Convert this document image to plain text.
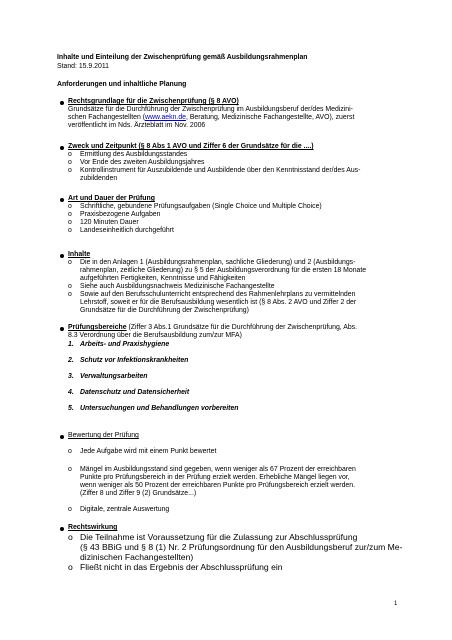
Inhalte und Einteilung der Zwischenprüfung gemäß Ausbildungsrahmenplan
Stand: 15.9.2011
Anforderungen und inhaltliche Planung
Rechtsgrundlage für die Zwischenprüfung (§ 8 AVO)
Grundsätze für die Durchführung der Zwischenprüfung im Ausbildungsberuf der/des Medizini-
schen Fachangestellten (www.aekn.de, Beratung, Medizinische Fachangestellte, AVO), zuerst
veröffentlicht im Nds. Ärzteblatt im Nov. 2006
Zweck und Zeitpunkt (§ 8 Abs 1 AVO und Ziffer 6 der Grundsätze für die ....)
o Ermittlung des Ausbildungsstandes
o Vor Ende des zweiten Ausbildungsjahres
o Kontrollinstrument für Auszubildende und Ausbildende über den Kenntnisstand der/des Aus-
zubildenden
Art und Dauer der Prüfung
o Schriftliche, gebundene Prüfungsaufgaben (Single Choice und Multiple Choice)
o Praxisbezogene Aufgaben
o 120 Minuten Dauer
o Landeseinheitlich durchgeführt
Inhalte
o Die in den Anlagen 1 (Ausbildungsrahmenplan, sachliche Gliederung) und 2 (Ausbildungs-
rahmenplan, zeitliche Gliederung) zu § 5 der Ausbildungsverordnung für die ersten 18 Monate
aufgeführten Fertigkeiten, Kenntnisse und Fähigkeiten
o Siehe auch Ausbildungsnachweis Medizinische Fachangestellte
o Sowie auf den Berufsschulunterricht entsprechend des Rahmenlehrplans zu vermittelnden
Lehrstoff, soweit er für die Berufsausbildung wesentlich ist (§ 8 Abs. 2 AVO und Ziffer 2 der
Grundsätze für die Durchführung der Zwischenprüfung)
Prüfungsbereiche (Ziffer 3 Abs.1 Grundsätze für die Durchführung der Zwischenprüfung, Abs.
8.3 Verordnung über die Berufsausbildung zum/zur MFA)
1. Arbeits- und Praxishygiene
2. Schutz vor Infektionskrankheiten
3. Verwaltungsarbeiten
4. Datenschutz und Datensicherheit
5. Untersuchungen und Behandlungen vorbereiten
Bewertung der Prüfung
o Jede Aufgabe wird mit einem Punkt bewertet
o Mängel im Ausbildungsstand sind gegeben, wenn weniger als 67 Prozent der erreichbaren
Punkte pro Prüfungsbereich in der Prüfung erzielt werden. Erhebliche Mängel liegen vor,
wenn weniger als 50 Prozent der erreichbaren Punkte pro Prüfungsbereich erzielt werden.
(Ziffer 8 und Ziffer 9 (2) Grundsätze...)
o Digitale, zentrale Auswertung
Rechtswirkung
o Die Teilnahme ist Voraussetzung für die Zulassung zur Abschlussprüfung
(§ 43 BBiG und § 8 (1) Nr. 2 Prüfungsordnung für den Ausbildungsberuf zur/zum Me-
dizinischen Fachangestellten)
o Fließt nicht in das Ergebnis der Abschlussprüfung ein
1
